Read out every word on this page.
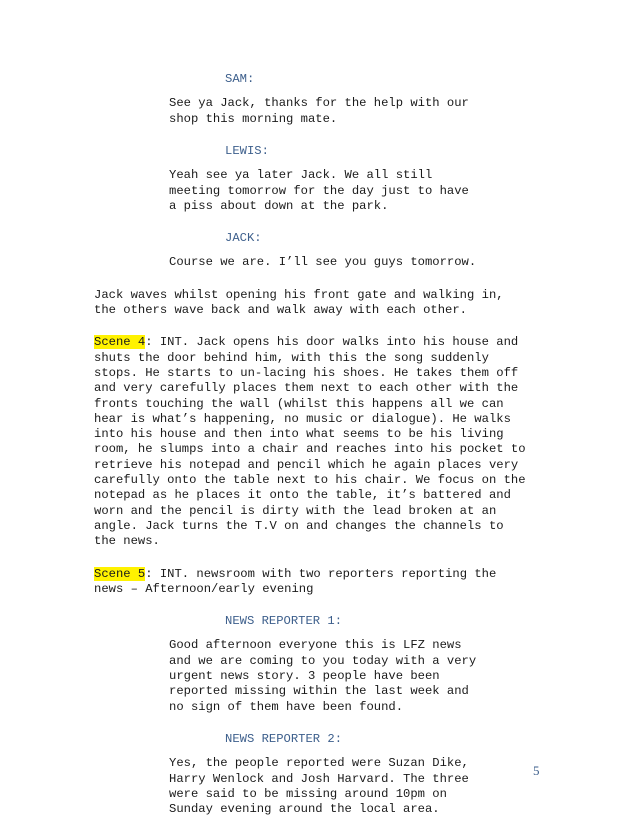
SAM:
See ya Jack, thanks for the help with our
shop this morning mate.
LEWIS:
Yeah see ya later Jack. We all still
meeting tomorrow for the day just to have
a piss about down at the park.
JACK:
Course we are. I’ll see you guys tomorrow.
Jack waves whilst opening his front gate and walking in,
the others wave back and walk away with each other.
Scene 4: INT. Jack opens his door walks into his house and
shuts the door behind him, with this the song suddenly
stops. He starts to un-lacing his shoes. He takes them off
and very carefully places them next to each other with the
fronts touching the wall (whilst this happens all we can
hear is what’s happening, no music or dialogue). He walks
into his house and then into what seems to be his living
room, he slumps into a chair and reaches into his pocket to
retrieve his notepad and pencil which he again places very
carefully onto the table next to his chair. We focus on the
notepad as he places it onto the table, it’s battered and
worn and the pencil is dirty with the lead broken at an
angle. Jack turns the T.V on and changes the channels to
the news.
Scene 5: INT. newsroom with two reporters reporting the
news – Afternoon/early evening
NEWS REPORTER 1:
Good afternoon everyone this is LFZ news
and we are coming to you today with a very
urgent news story. 3 people have been
reported missing within the last week and
no sign of them have been found.
NEWS REPORTER 2:
Yes, the people reported were Suzan Dike,
Harry Wenlock and Josh Harvard. The three
were said to be missing around 10pm on
Sunday evening around the local area.
5
